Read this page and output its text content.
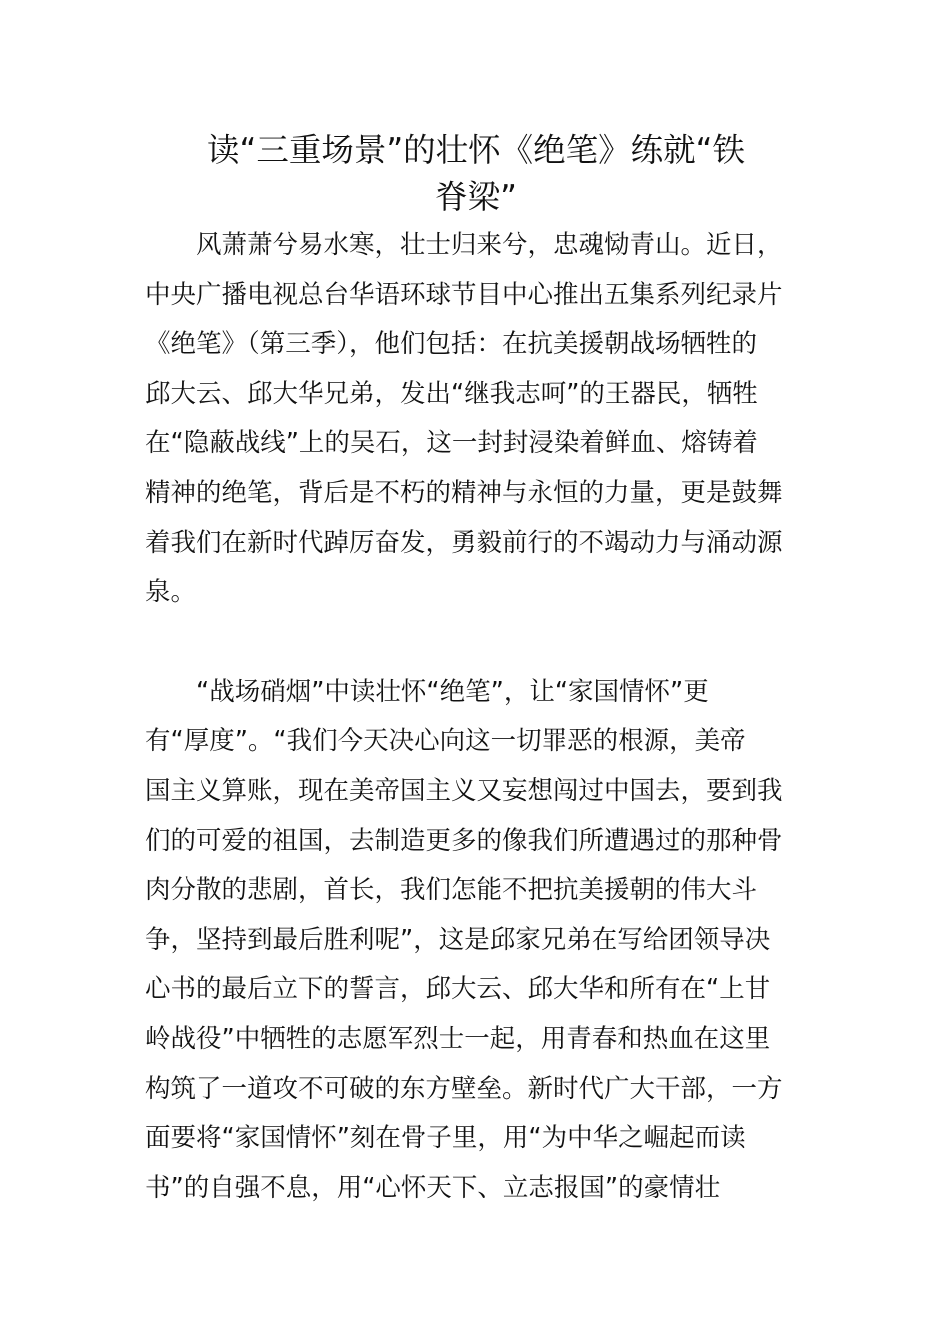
读“三重场景”的壮怀《绝笔》练就“铁
脊梁”
　　风萧萧兮易水寒，壮士归来兮，忠魂恸青山。近日，
中央广播电视总台华语环球节目中心推出五集系列纪录片
《绝笔》（第三季），他们包括：在抗美援朝战场牺牲的
邱大云、邱大华兄弟，发出“继我志呵”的王器民，牺牲
在“隐蔽战线”上的吴石，这一封封浸染着鲜血、熔铸着
精神的绝笔，背后是不朽的精神与永恒的力量，更是鼓舞
着我们在新时代踔厉奋发，勇毅前行的不竭动力与涌动源
泉。
　　“战场硝烟”中读壮怀“绝笔”，让“家国情怀”更
有“厚度”。“我们今天决心向这一切罪恶的根源，美帝
国主义算账，现在美帝国主义又妄想闯过中国去，要到我
们的可爱的祖国，去制造更多的像我们所遭遇过的那种骨
肉分散的悲剧，首长，我们怎能不把抗美援朝的伟大斗
争，坚持到最后胜利呢”，这是邱家兄弟在写给团领导决
心书的最后立下的誓言，邱大云、邱大华和所有在“上甘
岭战役”中牺牲的志愿军烈士一起，用青春和热血在这里
构筑了一道攻不可破的东方壁垒。新时代广大干部，一方
面要将“家国情怀”刻在骨子里，用“为中华之崛起而读
书”的自强不息，用“心怀天下、立志报国”的豪情壮
